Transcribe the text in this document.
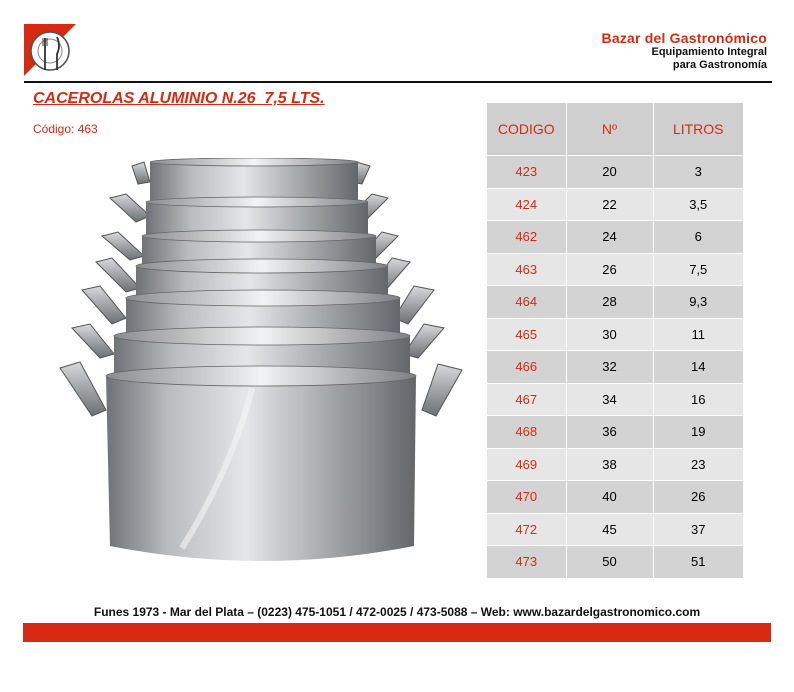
Bazar del Gastronómico
Equipamiento Integral
para Gastronomía
CACEROLAS ALUMINIO N.26  7,5 LTS.
Código: 463	CODIGO	Nº	LITROS
423	20	3
424	22	3,5
462	24	6
463	26	7,5
464	28	9,3
465	30	11
466	32	14
467	34	16
468	36	19
469	38	23
470	40	26
472	45	37
473	50	51
Funes 1973 - Mar del Plata – (0223) 475-1051 / 472-0025 / 473-5088 – Web: www.bazardelgastronomico.com
